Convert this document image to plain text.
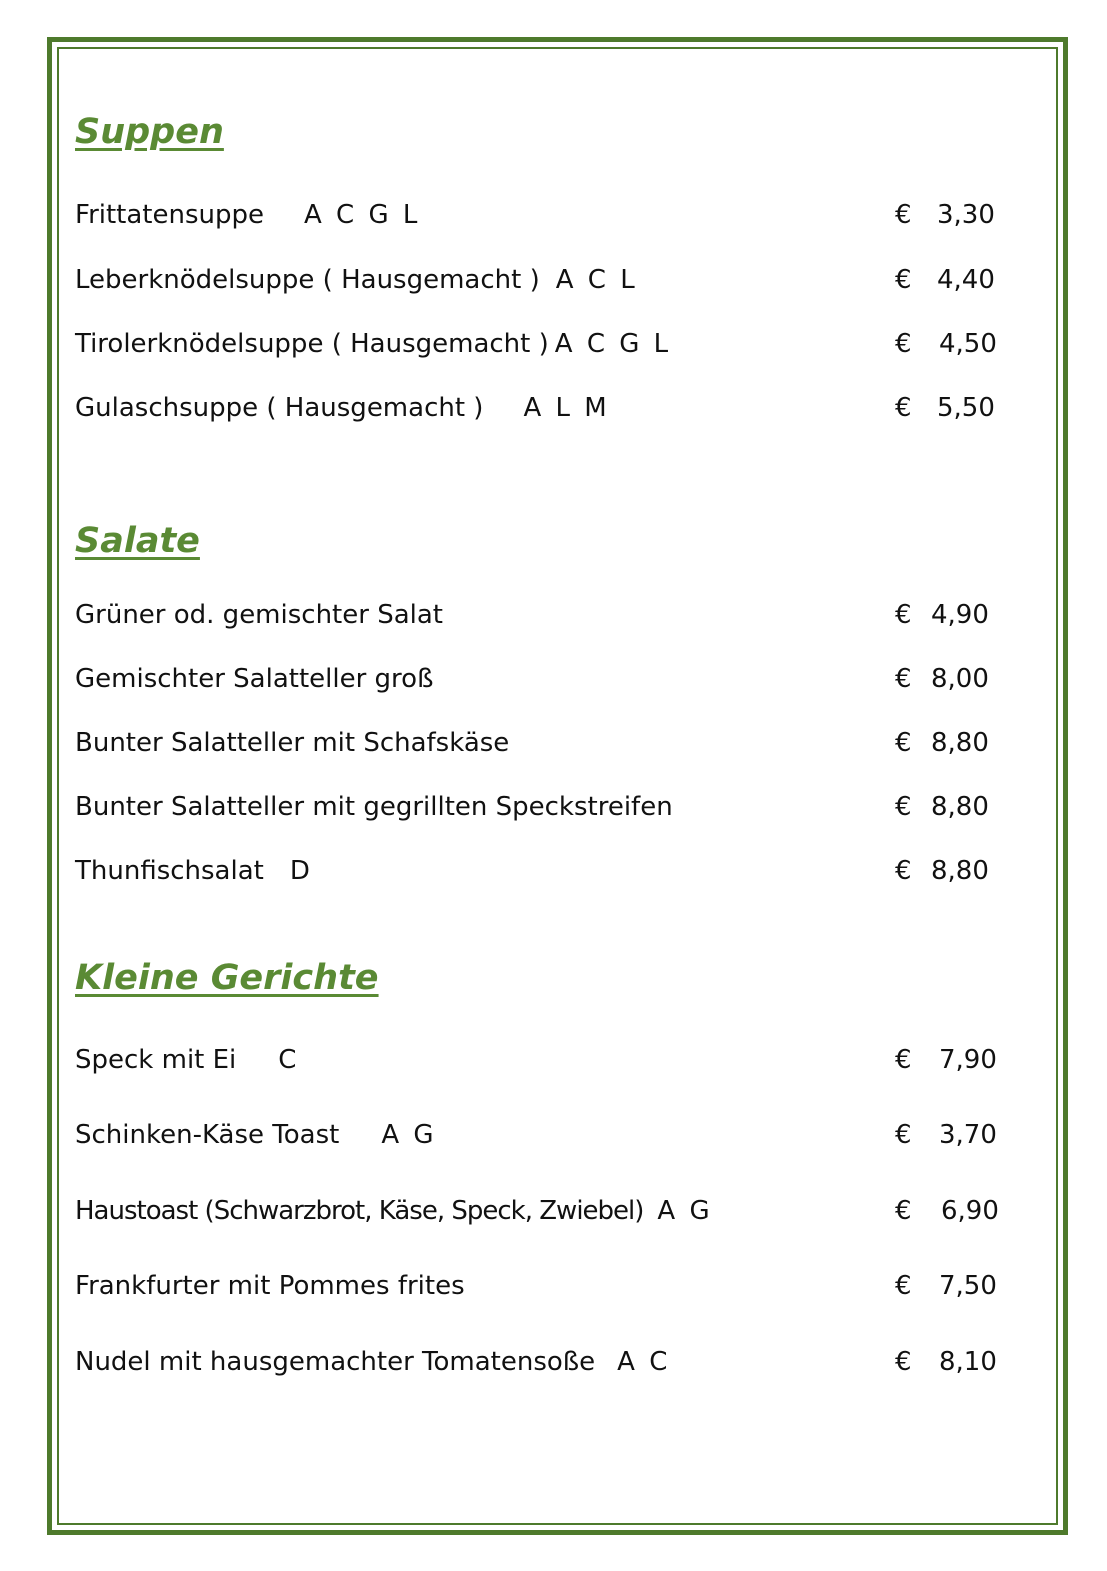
Suppen
Frittatensuppe A C G L	€ 3,30
Leberknödelsuppe ( Hausgemacht ) A C L	€ 4,40
Tirolerknödelsuppe ( Hausgemacht ) A C G L	€ 4,50
Gulaschsuppe ( Hausgemacht ) A L M	€ 5,50
Salate
Grüner od. gemischter Salat	€ 4,90
Gemischter Salatteller groß	€ 8,00
Bunter Salatteller mit Schafskäse	€ 8,80
Bunter Salatteller mit gegrillten Speckstreifen	€ 8,80
Thunfischsalat D	€ 8,80
Kleine Gerichte
Speck mit Ei C	€ 7,90
Schinken-Käse Toast A G	€ 3,70
Haustoast (Schwarzbrot, Käse, Speck, Zwiebel) A G	€ 6,90
Frankfurter mit Pommes frites	€ 7,50
Nudel mit hausgemachter Tomatensoße A C	€ 8,10
